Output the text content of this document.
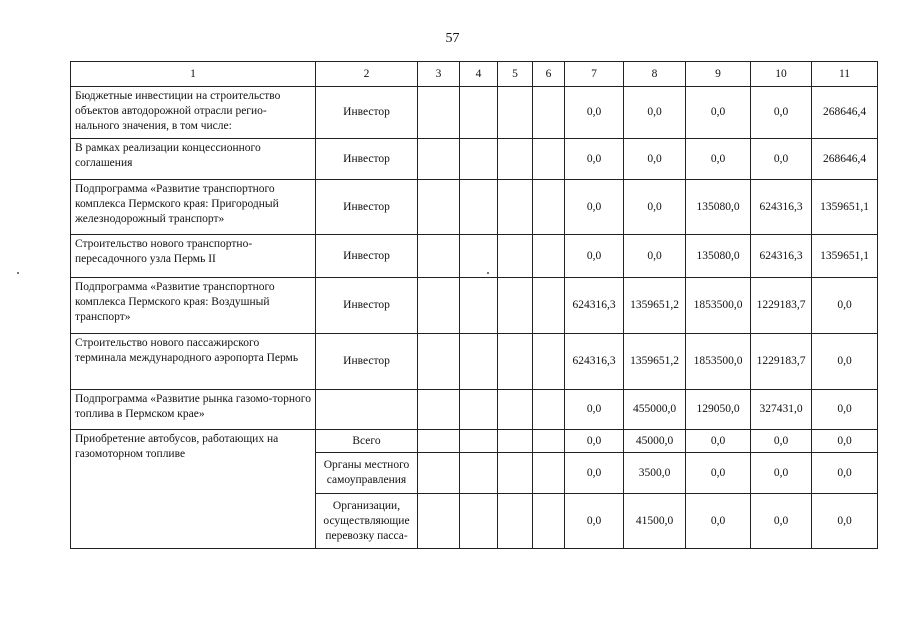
57
1	2	3	4	5	6	7	8	9	10	11
Бюджетные инвестиции на строительство объектов автодорожной отрасли регио-нального значения, в том числе:	Инвестор					0,0	0,0	0,0	0,0	268646,4
В рамках реализации концессионного соглашения	Инвестор					0,0	0,0	0,0	0,0	268646,4
Подпрограмма «Развитие транспортного комплекса Пермского края: Пригородный железнодорожный транспорт»	Инвестор					0,0	0,0	135080,0	624316,3	1359651,1
Строительство нового транспортно-пересадочного узла Пермь II	Инвестор					0,0	0,0	135080,0	624316,3	1359651,1
Подпрограмма «Развитие транспортного комплекса Пермского края: Воздушный транспорт»	Инвестор					624316,3	1359651,2	1853500,0	1229183,7	0,0
Строительство нового пассажирского терминала международного аэропорта Пермь	Инвестор					624316,3	1359651,2	1853500,0	1229183,7	0,0
Подпрограмма «Развитие рынка газомо-торного топлива в Пермском крае»						0,0	455000,0	129050,0	327431,0	0,0
Приобретение автобусов, работающих на газомоторном топливе	Всего					0,0	45000,0	0,0	0,0	0,0
	Органы местного самоуправления					0,0	3500,0	0,0	0,0	0,0
	Организации, осуществляющие перевозку пасса-					0,0	41500,0	0,0	0,0	0,0
